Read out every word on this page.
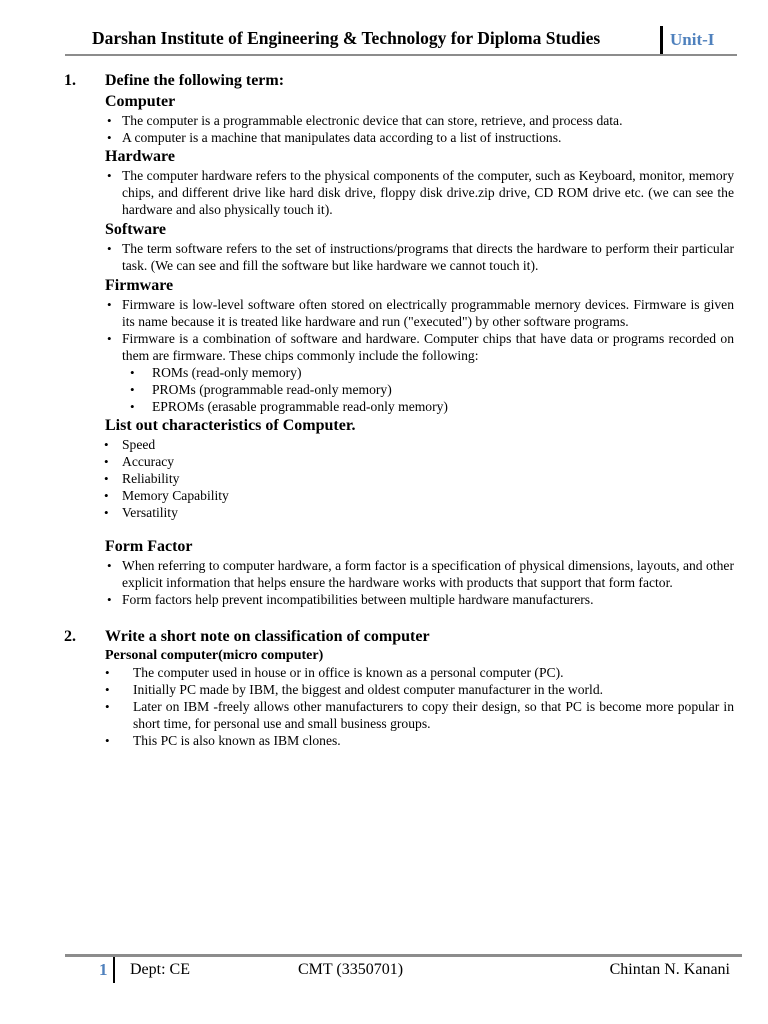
Darshan Institute of Engineering & Technology for Diploma Studies	Unit-I
1. Define the following term:
Computer
• The computer is a programmable electronic device that can store, retrieve, and process data.
• A computer is a machine that manipulates data according to a list of instructions.
Hardware
• The computer hardware refers to the physical components of the computer, such as Keyboard, monitor, memory chips, and different drive like hard disk drive, floppy disk drive.zip drive, CD ROM drive etc. (we can see the hardware and also physically touch it).
Software
• The term software refers to the set of instructions/programs that directs the hardware to perform their particular task. (We can see and fill the software but like hardware we cannot touch it).
Firmware
• Firmware is low-level software often stored on electrically programmable mernory devices. Firmware is given its name because it is treated like hardware and run ("executed") by other software programs.
• Firmware is a combination of software and hardware. Computer chips that have data or programs recorded on them are firmware. These chips commonly include the following:
• ROMs (read-only memory)
• PROMs (programmable read-only memory)
• EPROMs (erasable programmable read-only memory)
List out characteristics of Computer.
• Speed
• Accuracy
• Reliability
• Memory Capability
• Versatility
Form Factor
• When referring to computer hardware, a form factor is a specification of physical dimensions, layouts, and other explicit information that helps ensure the hardware works with products that support that form factor.
• Form factors help prevent incompatibilities between multiple hardware manufacturers.
2. Write a short note on classification of computer
Personal computer(micro computer)
• The computer used in house or in office is known as a personal computer (PC).
• Initially PC made by IBM, the biggest and oldest computer manufacturer in the world.
• Later on IBM -freely allows other manufacturers to copy their design, so that PC is become more popular in short time, for personal use and small business groups.
• This PC is also known as IBM clones.
1 Dept: CE	CMT (3350701)	Chintan N. Kanani
